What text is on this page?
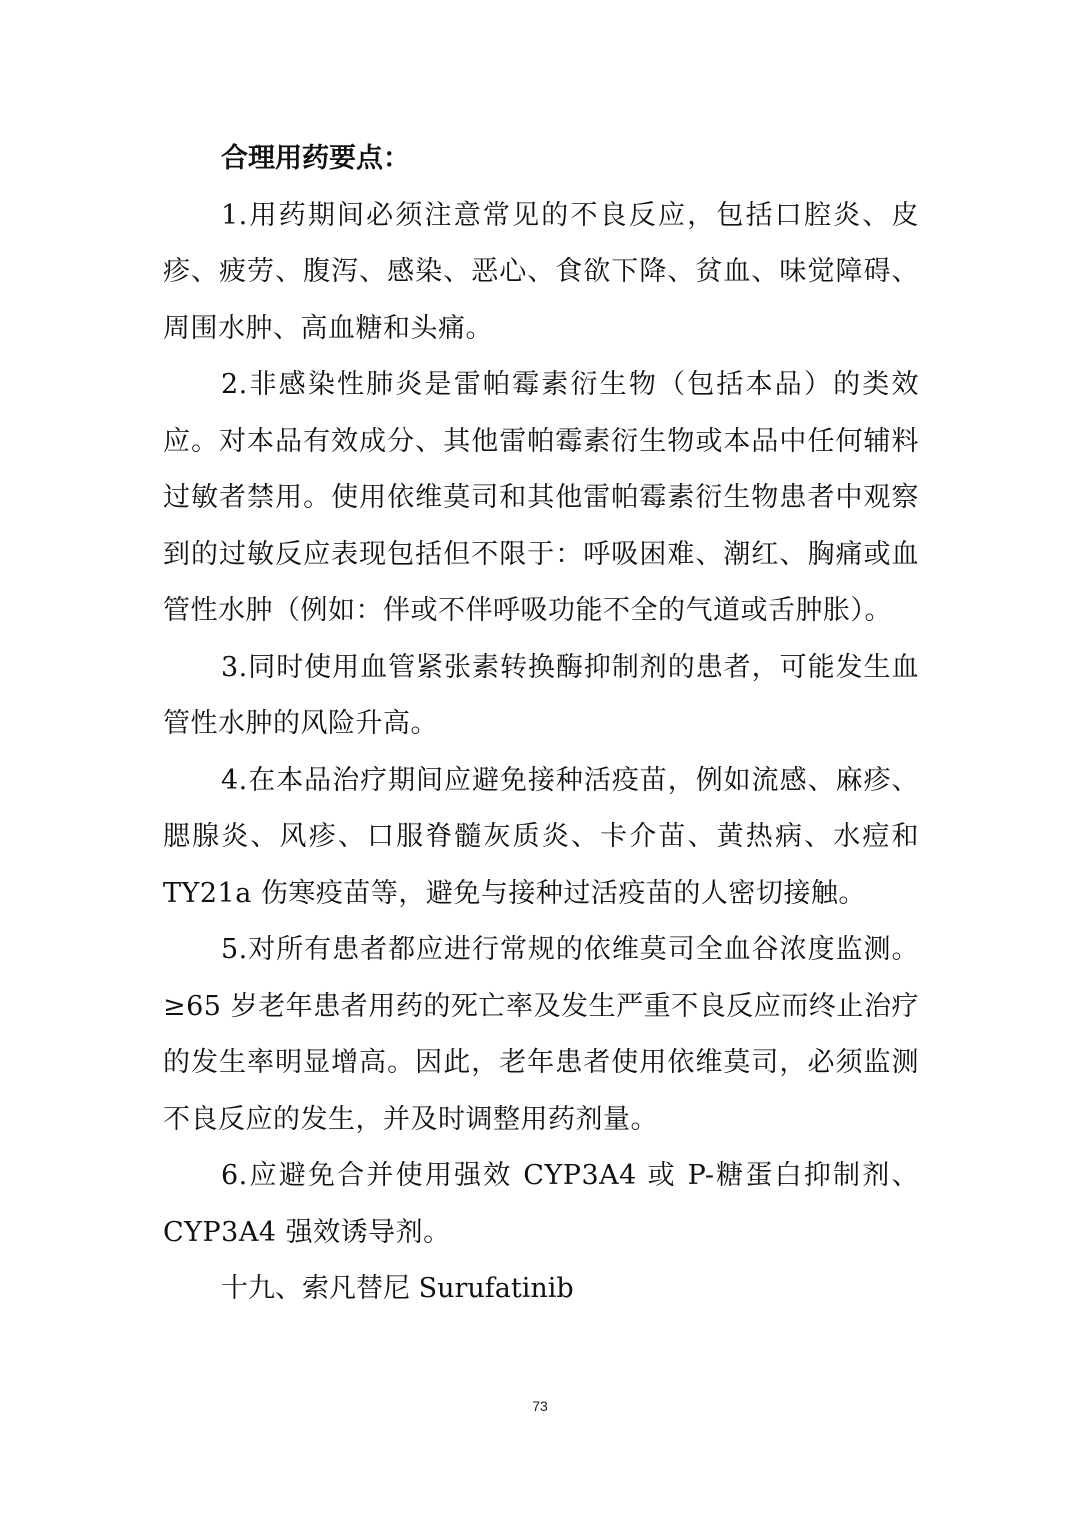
合理用药要点：

1.用药期间必须注意常见的不良反应，包括口腔炎、皮疹、疲劳、腹泻、感染、恶心、食欲下降、贫血、味觉障碍、周围水肿、高血糖和头痛。

2.非感染性肺炎是雷帕霉素衍生物（包括本品）的类效应。对本品有效成分、其他雷帕霉素衍生物或本品中任何辅料过敏者禁用。使用依维莫司和其他雷帕霉素衍生物患者中观察到的过敏反应表现包括但不限于：呼吸困难、潮红、胸痛或血管性水肿（例如：伴或不伴呼吸功能不全的气道或舌肿胀）。

3.同时使用血管紧张素转换酶抑制剂的患者，可能发生血管性水肿的风险升高。

4.在本品治疗期间应避免接种活疫苗，例如流感、麻疹、腮腺炎、风疹、口服脊髓灰质炎、卡介苗、黄热病、水痘和TY21a 伤寒疫苗等，避免与接种过活疫苗的人密切接触。

5.对所有患者都应进行常规的依维莫司全血谷浓度监测。≥65 岁老年患者用药的死亡率及发生严重不良反应而终止治疗的发生率明显增高。因此，老年患者使用依维莫司，必须监测不良反应的发生，并及时调整用药剂量。

6.应避免合并使用强效 CYP3A4 或 P-糖蛋白抑制剂、CYP3A4 强效诱导剂。

十九、索凡替尼 Surufatinib

73
